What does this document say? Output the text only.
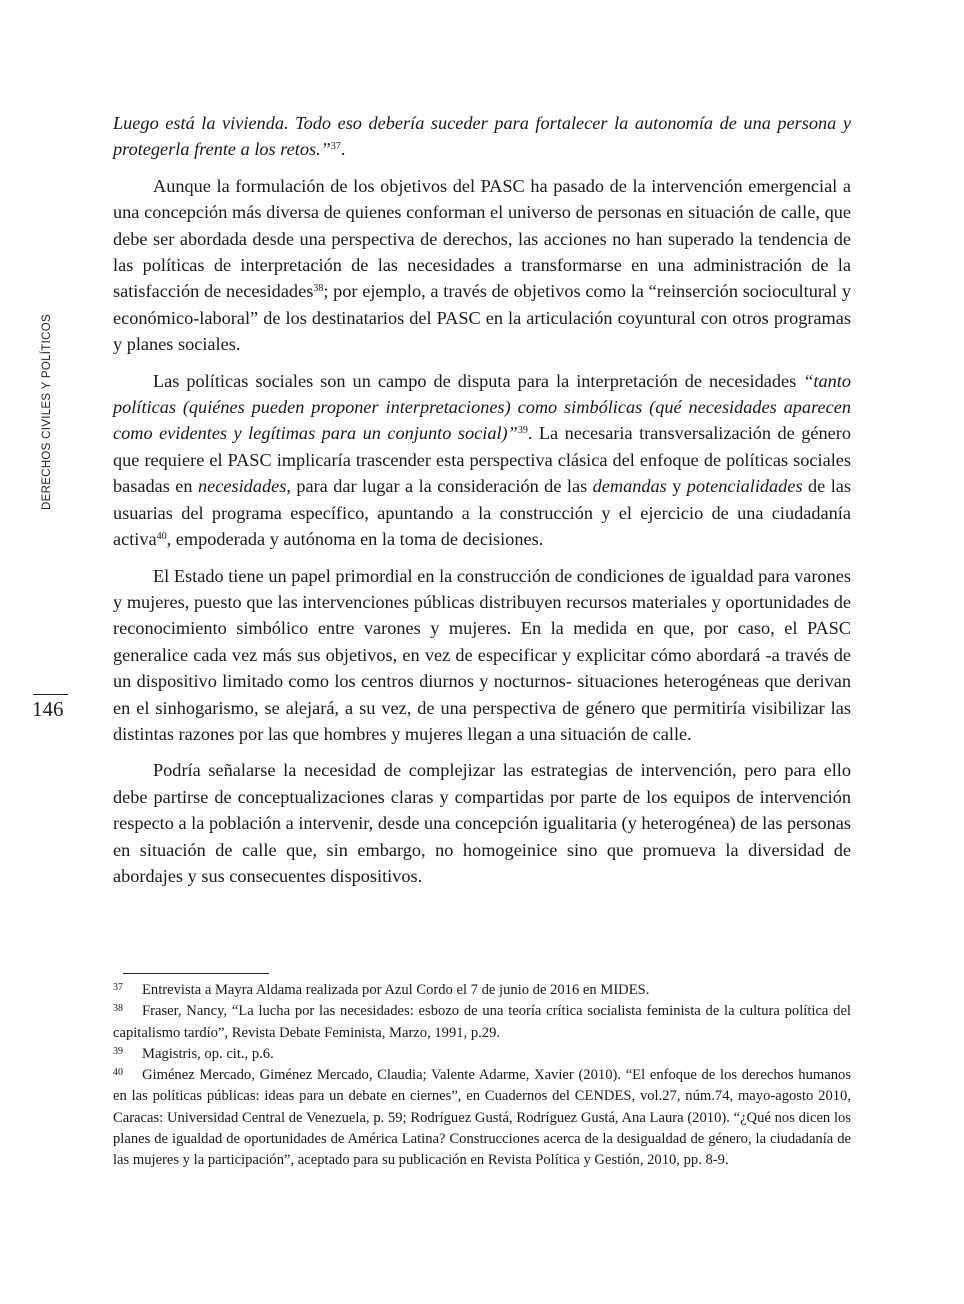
DERECHOS CIVILES Y POLÍTICOS
146

Luego está la vivienda. Todo eso debería suceder para fortalecer la autonomía de una persona y protegerla frente a los retos.”$^{37}$.

Aunque la formulación de los objetivos del PASC ha pasado de la intervención emergencial a una concepción más diversa de quienes conforman el universo de personas en situación de calle, que debe ser abordada desde una perspectiva de derechos, las acciones no han superado la tendencia de las políticas de interpretación de las necesidades a transformarse en una administración de la satisfacción de necesidades$^{38}$; por ejemplo, a través de objetivos como la “reinserción sociocultural y económico-laboral” de los destinatarios del PASC en la articulación coyuntural con otros programas y planes sociales.

Las políticas sociales son un campo de disputa para la interpretación de necesidades “tanto políticas (quiénes pueden proponer interpretaciones) como simbólicas (qué necesidades aparecen como evidentes y legítimas para un conjunto social)”$^{39}$. La necesaria transversalización de género que requiere el PASC implicaría trascender esta perspectiva clásica del enfoque de políticas sociales basadas en necesidades, para dar lugar a la consideración de las demandas y potencialidades de las usuarias del programa específico, apuntando a la construcción y el ejercicio de una ciudadanía activa$^{40}$, empoderada y autónoma en la toma de decisiones.

El Estado tiene un papel primordial en la construcción de condiciones de igualdad para varones y mujeres, puesto que las intervenciones públicas distribuyen recursos materiales y oportunidades de reconocimiento simbólico entre varones y mujeres. En la medida en que, por caso, el PASC generalice cada vez más sus objetivos, en vez de especificar y explicitar cómo abordará -a través de un dispositivo limitado como los centros diurnos y nocturnos- situaciones heterogéneas que derivan en el sinhogarismo, se alejará, a su vez, de una perspectiva de género que permitiría visibilizar las distintas razones por las que hombres y mujeres llegan a una situación de calle.

Podría señalarse la necesidad de complejizar las estrategias de intervención, pero para ello debe partirse de conceptualizaciones claras y compartidas por parte de los equipos de intervención respecto a la población a intervenir, desde una concepción igualitaria (y heterogénea) de las personas en situación de calle que, sin embargo, no homogeinice sino que promueva la diversidad de abordajes y sus consecuentes dispositivos.

37 Entrevista a Mayra Aldama realizada por Azul Cordo el 7 de junio de 2016 en MIDES.

38 Fraser, Nancy, “La lucha por las necesidades: esbozo de una teoría crítica socialista feminista de la cultura política del capitalismo tardío”, Revista Debate Feminista, Marzo, 1991, p.29.

39 Magistris, op. cit., p.6.

40 Giménez Mercado, Giménez Mercado, Claudia; Valente Adarme, Xavier (2010). “El enfoque de los derechos humanos en las políticas públicas: ideas para un debate en ciernes”, en Cuadernos del CENDES, vol.27, núm.74, mayo-agosto 2010, Caracas: Universidad Central de Venezuela, p. 59; Rodríguez Gustá, Rodríguez Gustá, Ana Laura (2010). “¿Qué nos dicen los planes de igualdad de oportunidades de América Latina? Construcciones acerca de la desigualdad de género, la ciudadanía de las mujeres y la participación”, aceptado para su publicación en Revista Política y Gestión, 2010, pp. 8-9.
